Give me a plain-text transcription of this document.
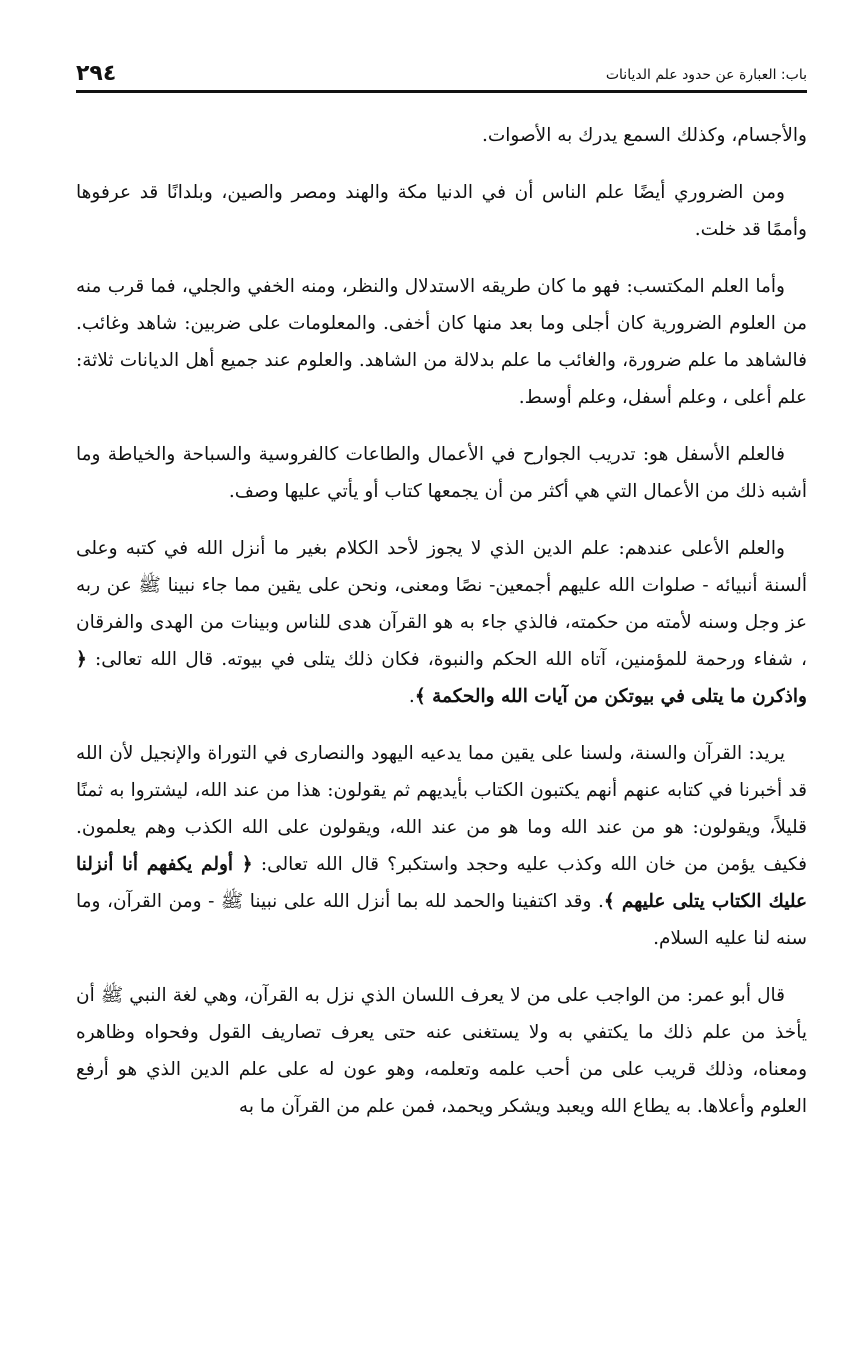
باب: العبارة عن حدود علم الديانات
٢٩٤

والأجسام، وكذلك السمع يدرك به الأصوات.

ومن الضروري أيضًا علم الناس أن في الدنيا مكة والهند ومصر والصين، وبلدانًا قد عرفوها وأممًا قد خلت.

وأما العلم المكتسب: فهو ما كان طريقه الاستدلال والنظر، ومنه الخفي والجلي، فما قرب منه من العلوم الضرورية كان أجلى وما بعد منها كان أخفى. والمعلومات على ضربين: شاهد وغائب. فالشاهد ما علم ضرورة، والغائب ما علم بدلالة من الشاهد. والعلوم عند جميع أهل الديانات ثلاثة: علم أعلى ، وعلم أسفل، وعلم أوسط.

فالعلم الأسفل هو: تدريب الجوارح في الأعمال والطاعات كالفروسية والسباحة والخياطة وما أشبه ذلك من الأعمال التي هي أكثر من أن يجمعها كتاب أو يأتي عليها وصف.

والعلم الأعلى عندهم: علم الدين الذي لا يجوز لأحد الكلام بغير ما أنزل الله في كتبه وعلى ألسنة أنبيائه - صلوات الله عليهم أجمعين- نصًا ومعنى، ونحن على يقين مما جاء نبينا ﷺ عن ربه عز وجل وسنه لأمته من حكمته، فالذي جاء به هو القرآن هدى للناس وبينات من الهدى والفرقان ، شفاء ورحمة للمؤمنين، آتاه الله الحكم والنبوة، فكان ذلك يتلى في بيوته. قال الله تعالى: ﴿ واذكرن ما يتلى في بيوتكن من آيات الله والحكمة ﴾.

يريد: القرآن والسنة، ولسنا على يقين مما يدعيه اليهود والنصارى في التوراة والإنجيل لأن الله قد أخبرنا في كتابه عنهم أنهم يكتبون الكتاب بأيديهم ثم يقولون: هذا من عند الله، ليشتروا به ثمنًا قليلاً، ويقولون: هو من عند الله وما هو من عند الله، ويقولون على الله الكذب وهم يعلمون. فكيف يؤمن من خان الله وكذب عليه وحجد واستكبر؟ قال الله تعالى: ﴿ أولم يكفهم أنا أنزلنا عليك الكتاب يتلى عليهم ﴾. وقد اكتفينا والحمد لله بما أنزل الله على نبينا ﷺ - ومن القرآن، وما سنه لنا عليه السلام.

قال أبو عمر: من الواجب على من لا يعرف اللسان الذي نزل به القرآن، وهي لغة النبي ﷺ أن يأخذ من علم ذلك ما يكتفي به ولا يستغنى عنه حتى يعرف تصاريف القول وفحواه وظاهره ومعناه، وذلك قريب على من أحب علمه وتعلمه، وهو عون له على علم الدين الذي هو أرفع العلوم وأعلاها. به يطاع الله ويعبد ويشكر ويحمد، فمن علم من القرآن ما به
